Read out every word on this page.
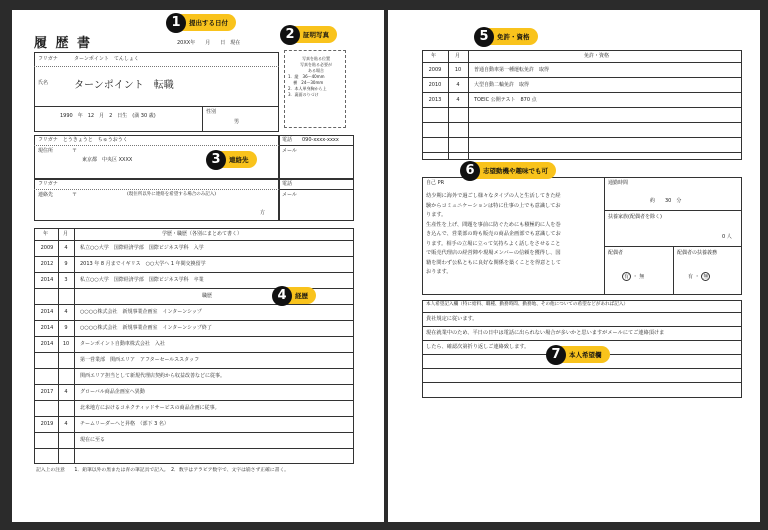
履 歴 書	20XX年　　月　　日　現在
フリガナ	ターンポイント　てんしょく
氏名	ターンポイント　転職
1990　年　12　月　2　日生　(満 30 歳)
性別
男
写真を貼る位置
写真を貼る必要が
ある場合
1．縦　36～40mm
　 横　24～30mm
2．本人単身胸から上
3．裏面のりづけ
フリガナ　とうきょうと　ちゅうおうく
現住所	〒
東京都　中央区 XXXX
電話 090-xxxx-xxxx
メール
フリガナ
連絡先	〒	(現住所以外に連絡を希望する場合のみ記入)
方
電話
メール
年	月	学歴・職歴（各別にまとめて書く）
記入上の注意　　1．鉛筆以外の黒または青の筆記具で記入。　2．数字はアラビア数字で、文字は崩さず正確に書く。
2009	4	私立○○大学　国際経済学部　国際ビジネス学科　入学
2012	9	2013 年 8 月までイギリス　○○大学へ 1 年間交換留学
2014	3	私立○○大学　国際経済学部　国際ビジネス学科　卒業
職歴
2014	4	○○○○株式会社　新規事業企画室　インターンシップ
2014	9	○○○○株式会社　新規事業企画室　インターンシップ終了
2014	10	ターンポイント自動車株式会社　入社
第一営業部　関西エリア　アフターセールススタッフ
関西エリア担当として新規代理店契約から収益改善などに従事。
2017	4	グローバル商品企画室へ異動
北米地方におけるコネクティッドサービスの商品企画に従事。
2019	4	チームリーダーへと昇格　（部下 3 名）
現在に至る
年	月	免許・資格
自己 PR
幼少期に海外で過ごし様々なタイプの人と生活してきた経
験からコミュニケーションは特に仕事の上でも意識してお
ります。
生産性を上げ、問題を事前に防ぐためにも積極的に人を巻
き込んで、営業部の時も販売の商品企画部でも意識してお
ります。相手の立場に立って気持ちよく話しをさせること
で販売代理店の経営陣や現場メンバーの信頼を獲得し、国
籍を問わず公私ともに良好な関係を築くことを得意として
おります。
通勤時間
約　　30　分
扶養家族(配偶者を除く)
0 人
配偶者
有 ・ 無
配偶者の扶養義務
有 ・ 無
本人希望記入欄（特に給料、職種、勤務時間、勤務地、その他についての希望などがあれば記入）
2009	10	普通自動車第一種運転免許　取得
2010	4	大型自動二輪免許　取得
2013	4	TOEIC 公開テスト　870 点
貴社規定に従います。
現在就業中のため、平日の日中は電話に出られない場合が多いかと思いますがメールにてご連絡頂けま
したら、確認次第折り返しご連絡致します。
1	提出する日付
2	証明写真
3	連絡先
4	経歴
5	免許・資格
6	志望動機や趣味でも可
7	本人希望欄
